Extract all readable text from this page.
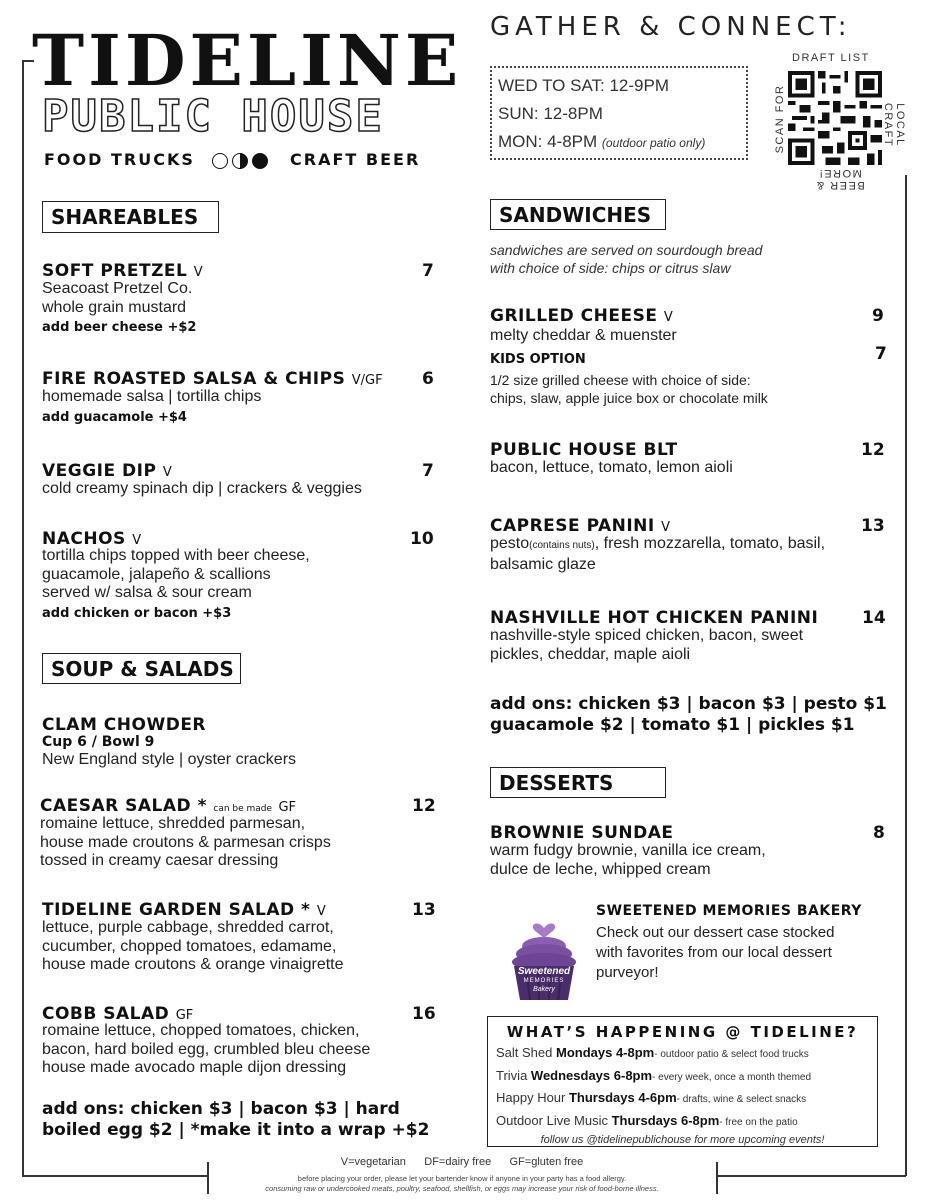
TIDELINE
PUBLIC HOUSE
FOOD TRUCKS	CRAFT BEER
GATHER & CONNECT:
WED TO SAT: 12-9PM
SUN: 12-8PM
MON: 4-8PM (outdoor patio only)
DRAFT LIST
SCAN FOR	LOCAL CRAFT
BEER & MORE!
SHAREABLES
SOFT PRETZEL V	7
Seacoast Pretzel Co.
whole grain mustard
add beer cheese +$2
FIRE ROASTED SALSA & CHIPS V/GF 6
homemade salsa | tortilla chips
add guacamole +$4
VEGGIE DIP V	7
cold creamy spinach dip | crackers & veggies
NACHOS V	10
tortilla chips topped with beer cheese,
guacamole, jalapeño & scallions
served w/ salsa & sour cream
add chicken or bacon +$3
SOUP & SALADS
CLAM CHOWDER
Cup 6 / Bowl 9
New England style | oyster crackers
CAESAR SALAD * can be made GF	12
romaine lettuce, shredded parmesan,
house made croutons & parmesan crisps
tossed in creamy caesar dressing
TIDELINE GARDEN SALAD * V	13
lettuce, purple cabbage, shredded carrot,
cucumber, chopped tomatoes, edamame,
house made croutons & orange vinaigrette
COBB SALAD GF	16
romaine lettuce, chopped tomatoes, chicken,
bacon, hard boiled egg, crumbled bleu cheese
house made avocado maple dijon dressing
add ons: chicken $3 | bacon $3 | hard
boiled egg $2 | *make it into a wrap +$2
SANDWICHES
sandwiches are served on sourdough bread
with choice of side: chips or citrus slaw
GRILLED CHEESE V	9
melty cheddar & muenster
KIDS OPTION	7
1/2 size grilled cheese with choice of side:
chips, slaw, apple juice box or chocolate milk
PUBLIC HOUSE BLT	12
bacon, lettuce, tomato, lemon aioli
CAPRESE PANINI V	13
pesto(contains nuts), fresh mozzarella, tomato, basil,
balsamic glaze
NASHVILLE HOT CHICKEN PANINI	14
nashville-style spiced chicken, bacon, sweet
pickles, cheddar, maple aioli
add ons: chicken $3 | bacon $3 | pesto $1
guacamole $2 | tomato $1 | pickles $1
DESSERTS
BROWNIE SUNDAE	8
warm fudgy brownie, vanilla ice cream,
dulce de leche, whipped cream
Sweetened
MEMORIES
Bakery
SWEETENED MEMORIES BAKERY
Check out our dessert case stocked
with favorites from our local dessert
purveyor!
WHAT’S HAPPENING @ TIDELINE?
Salt Shed Mondays 4-8pm- outdoor patio & select food trucks
Trivia Wednesdays 6-8pm- every week, once a month themed
Happy Hour Thursdays 4-6pm- drafts, wine & select snacks
Outdoor Live Music Thursdays 6-8pm- free on the patio
follow us @tidelinepublichouse for more upcoming events!
V=vegetarian      DF=dairy free      GF=gluten free
before placing your order, please let your bartender know if anyone in your party has a food allergy.
consuming raw or undercooked meats, poultry, seafood, shellfish, or eggs may increase your risk of food-borne illness.
